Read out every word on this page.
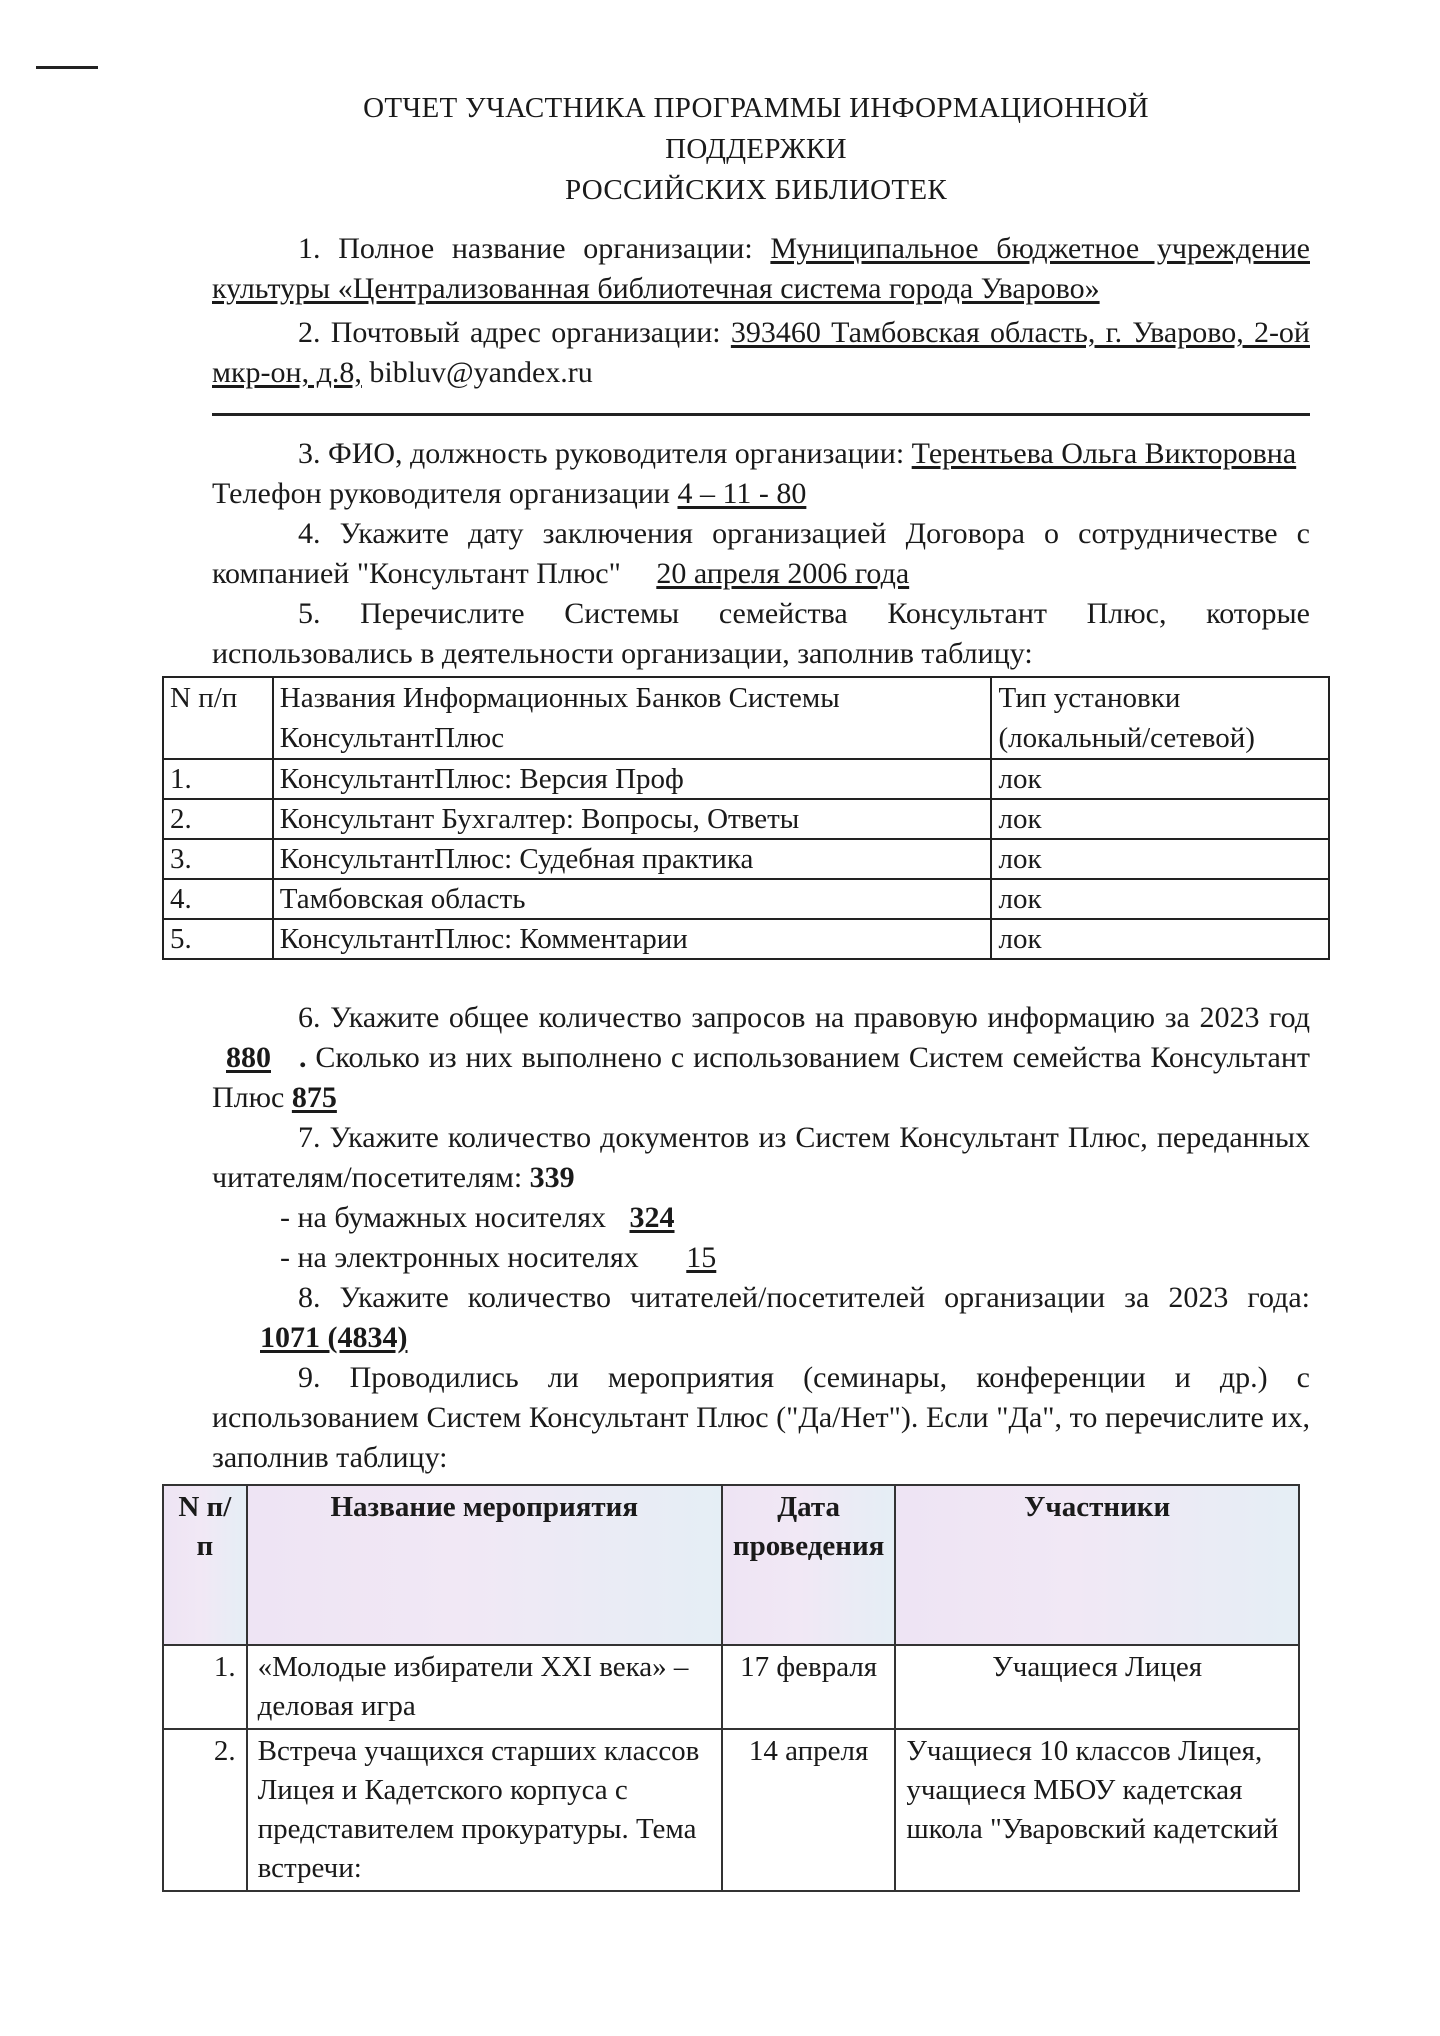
ОТЧЕТ УЧАСТНИКА ПРОГРАММЫ ИНФОРМАЦИОННОЙ
ПОДДЕРЖКИ
РОССИЙСКИХ БИБЛИОТЕК

1. Полное название организации: Муниципальное бюджетное учреждение культуры «Централизованная библиотечная система города Уварово»

2. Почтовый адрес организации: 393460 Тамбовская область, г. Уварово, 2-ой мкр-он, д.8, bibluv@yandex.ru

3. ФИО, должность руководителя организации: Терентьева Ольга Викторовна

Телефон руководителя организации 4 – 11 - 80

4. Укажите дату заключения организацией Договора о сотрудничестве с компанией "Консультант Плюс" 20 апреля 2006 года

5. Перечислите Системы семейства Консультант Плюс, которые использовались в деятельности организации, заполнив таблицу:

N п/п	Названия Информационных Банков Системы КонсультантПлюс	Тип установки (локальный/сетевой)
1.	КонсультантПлюс: Версия Проф	лок
2.	Консультант Бухгалтер: Вопросы, Ответы	лок
3.	КонсультантПлюс: Судебная практика	лок
4.	Тамбовская область	лок
5.	КонсультантПлюс: Комментарии	лок

6. Укажите общее количество запросов на правовую информацию за 2023 год 880 . Сколько из них выполнено с использованием Систем семейства Консультант Плюс 875

7. Укажите количество документов из Систем Консультант Плюс, переданных читателям/посетителям: 339

- на бумажных носителях 324

- на электронных носителях 15

8. Укажите количество читателей/посетителей организации за 2023 года: 1071 (4834)

9. Проводились ли мероприятия (семинары, конференции и др.) с использованием Систем Консультант Плюс ("Да/Нет"). Если "Да", то перечислите их, заполнив таблицу:

N п/п	Название мероприятия	Дата проведения	Участники
1.	«Молодые избиратели XXI века» – деловая игра	17 февраля	Учащиеся Лицея
2.	Встреча учащихся старших классов Лицея и Кадетского корпуса с представителем прокуратуры. Тема встречи:	14 апреля	Учащиеся 10 классов Лицея, учащиеся МБОУ кадетская школа "Уваровский кадетский
